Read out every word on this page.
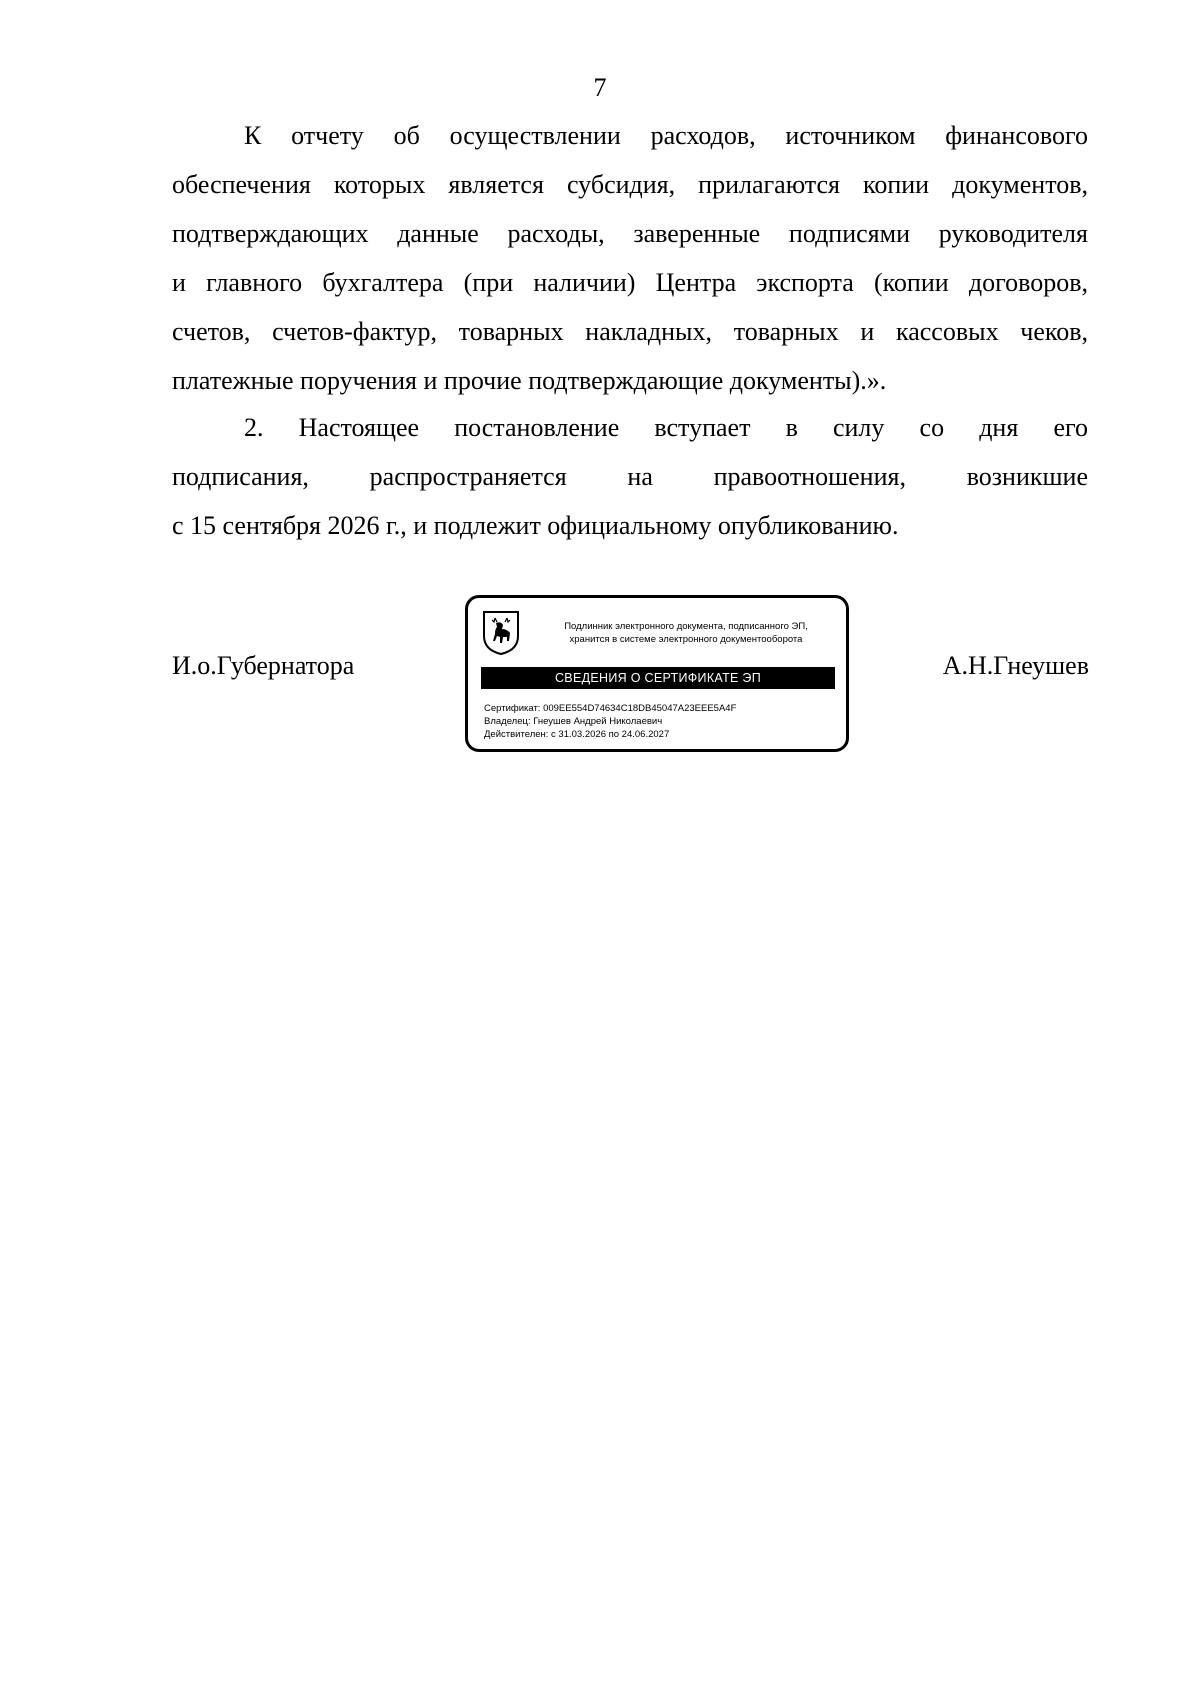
7

К отчету об осуществлении расходов, источником финансового
обеспечения которых является субсидия, прилагаются копии документов,
подтверждающих данные расходы, заверенные подписями руководителя
и главного бухгалтера (при наличии) Центра экспорта (копии договоров,
счетов, счетов-фактур, товарных накладных, товарных и кассовых чеков,
платежные поручения и прочие подтверждающие документы).».

2. Настоящее постановление вступает в силу со дня его
подписания, распространяется на правоотношения, возникшие
с 15 сентября 2026 г., и подлежит официальному опубликованию.

И.о.Губернатора	А.Н.Гнеушев
Подлинник электронного документа, подписанного ЭП,
хранится в системе электронного документооборота
СВЕДЕНИЯ О СЕРТИФИКАТЕ ЭП
Сертификат: 009EE554D74634C18DB45047A23EEE5A4F
Владелец: Гнеушев Андрей Николаевич
Действителен: с 31.03.2026 по 24.06.2027
